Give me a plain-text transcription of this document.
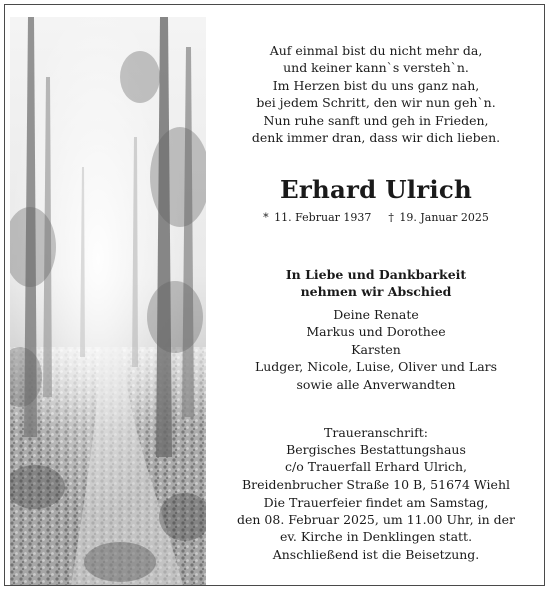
Auf einmal bist du nicht mehr da,
und keiner kann`s versteh`n.
Im Herzen bist du uns ganz nah,
bei jedem Schritt, den wir nun geh`n.
Nun ruhe sanft und geh in Frieden,
denk immer dran, dass wir dich lieben.
Erhard Ulrich
* 11. Februar 1937 † 19. Januar 2025
In Liebe und Dankbarkeit
nehmen wir Abschied
Deine Renate
Markus und Dorothee
Karsten
Ludger, Nicole, Luise, Oliver und Lars
sowie alle Anverwandten
Traueranschrift:
Bergisches Bestattungshaus
c/o Trauerfall Erhard Ulrich,
Breidenbrucher Straße 10 B, 51674 Wiehl
Die Trauerfeier findet am Samstag,
den 08. Februar 2025, um 11.00 Uhr, in der
ev. Kirche in Denklingen statt.
Anschließend ist die Beisetzung.
